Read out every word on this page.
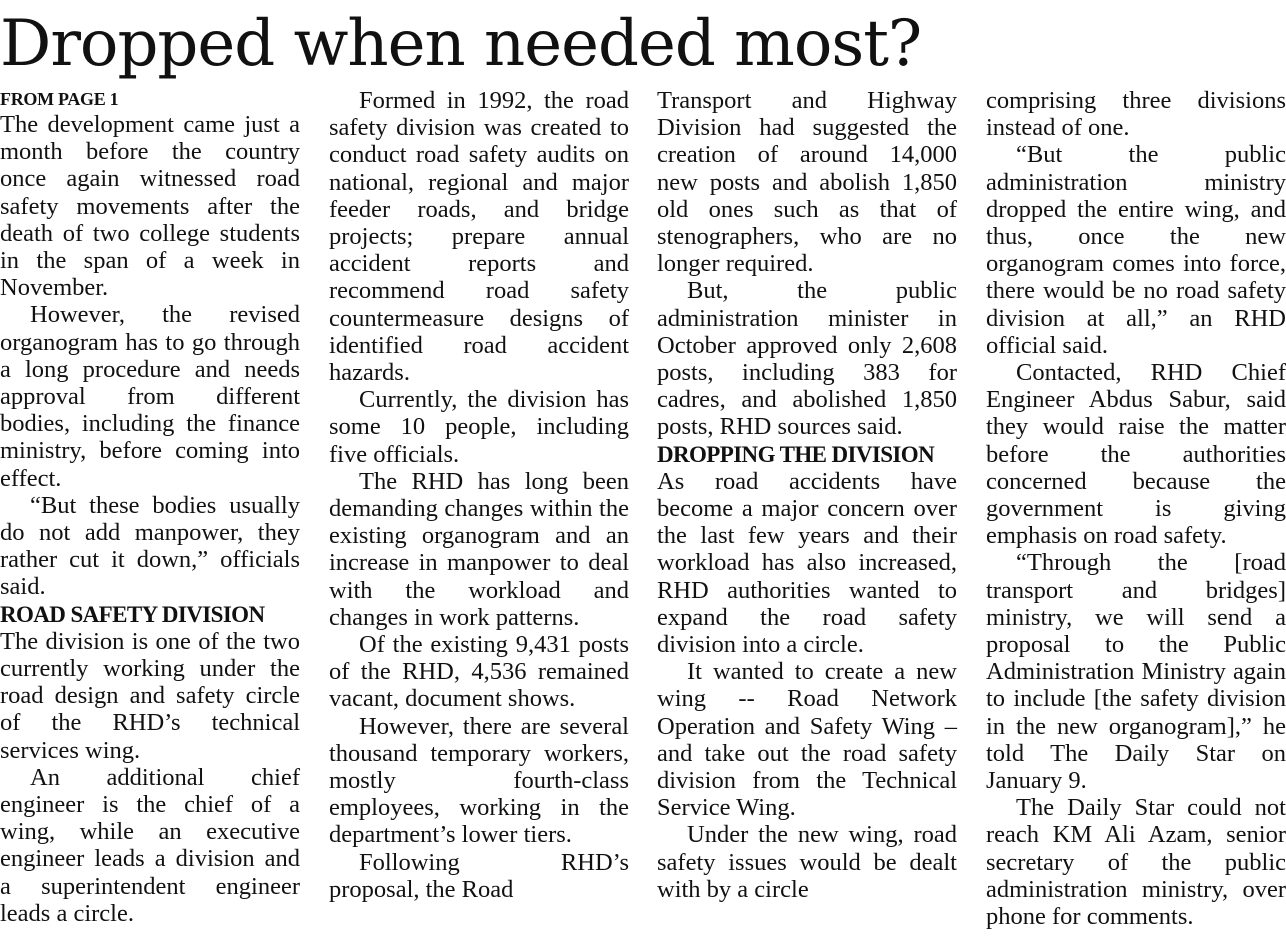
Dropped when needed most?
FROM PAGE 1

The development came just a month before the country once again witnessed road safety movements after the death of two college students in the span of a week in November.

However, the revised organogram has to go through a long procedure and needs approval from different bodies, including the finance ministry, before coming into effect.

“But these bodies usually do not add manpower, they rather cut it down,” officials said.

ROAD SAFETY DIVISION

The division is one of the two currently working under the road design and safety circle of the RHD’s technical services wing.

An additional chief engineer is the chief of a wing, while an executive engineer leads a division and a superintendent engineer leads a circle.

Formed in 1992, the road safety division was created to conduct road safety audits on national, regional and major feeder roads, and bridge projects; prepare annual accident reports and recommend road safety countermeasure designs of identified road accident hazards.

Currently, the division has some 10 people, including five officials.

The RHD has long been demanding changes within the existing organogram and an increase in manpower to deal with the workload and changes in work patterns.

Of the existing 9,431 posts of the RHD, 4,536 remained vacant, document shows.

However, there are several thousand temporary workers, mostly fourth-class employees, working in the department’s lower tiers.

Following RHD’s proposal, the Road

Transport and Highway Division had suggested the creation of around 14,000 new posts and abolish 1,850 old ones such as that of stenographers, who are no longer required.

But, the public administration minister in October approved only 2,608 posts, including 383 for cadres, and abolished 1,850 posts, RHD sources said.

DROPPING THE DIVISION

As road accidents have become a major concern over the last few years and their workload has also increased, RHD authorities wanted to expand the road safety division into a circle.

It wanted to create a new wing -- Road Network Operation and Safety Wing – and take out the road safety division from the Technical Service Wing.

Under the new wing, road safety issues would be dealt with by a circle

comprising three divisions instead of one.

“But the public administration ministry dropped the entire wing, and thus, once the new organogram comes into force, there would be no road safety division at all,” an RHD official said.

Contacted, RHD Chief Engineer Abdus Sabur, said they would raise the matter before the authorities concerned because the government is giving emphasis on road safety.

“Through the [road transport and bridges] ministry, we will send a proposal to the Public Administration Ministry again to include [the safety division in the new organogram],” he told The Daily Star on January 9.

The Daily Star could not reach KM Ali Azam, senior secretary of the public administration ministry, over phone for comments.
